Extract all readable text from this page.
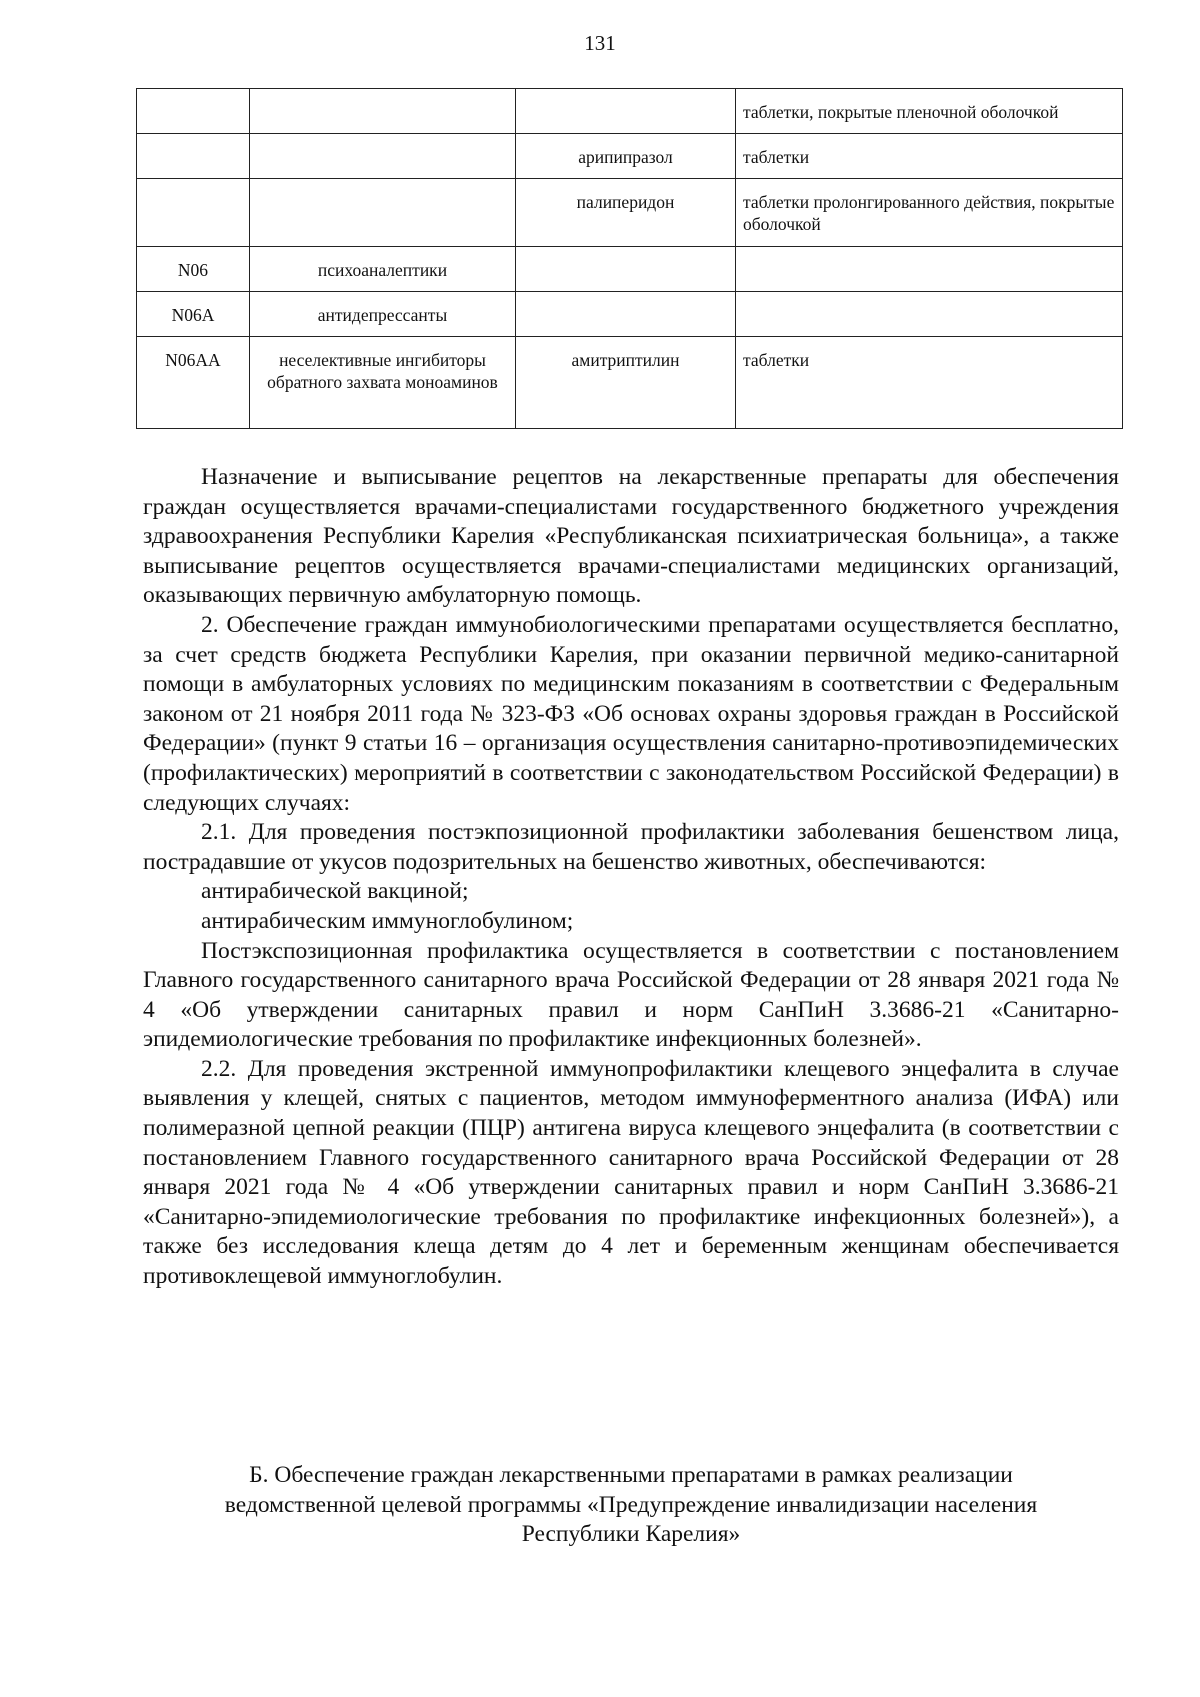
131

			таблетки, покрытые пленочной оболочкой

		арипипразол	таблетки

		палиперидон	таблетки пролонгированного действия, покрытые оболочкой

N06	психоаналептики		

N06A	антидепрессанты		

N06AA	неселективные ингибиторы обратного захвата моноаминов	амитриптилин	таблетки

Назначение и выписывание рецептов на лекарственные препараты для обеспечения граждан осуществляется врачами-специалистами государственного бюджетного учреждения здравоохранения Республики Карелия «Республиканская психиатрическая больница», а также выписывание рецептов осуществляется врачами-специалистами медицинских организаций, оказывающих первичную амбулаторную помощь.

2. Обеспечение граждан иммунобиологическими препаратами осуществляется бесплатно, за счет средств бюджета Республики Карелия, при оказании первичной медико-санитарной помощи в амбулаторных условиях по медицинским показаниям в соответствии с Федеральным законом от 21 ноября 2011 года № 323-ФЗ «Об основах охраны здоровья граждан в Российской Федерации» (пункт 9 статьи 16 – организация осуществления санитарно-противоэпидемических (профилактических) мероприятий в соответствии с законодательством Российской Федерации) в следующих случаях:

2.1. Для проведения постэкпозиционной профилактики заболевания бешенством лица, пострадавшие от укусов подозрительных на бешенство животных, обеспечиваются:

антирабической вакциной;

антирабическим иммуноглобулином;

Постэкспозиционная профилактика осуществляется в соответствии с постановлением Главного государственного санитарного врача Российской Федерации от 28 января 2021 года № 4 «Об утверждении санитарных правил и норм СанПиН 3.3686-21 «Санитарно-эпидемиологические требования по профилактике инфекционных болезней».

2.2. Для проведения экстренной иммунопрофилактики клещевого энцефалита в случае выявления у клещей, снятых с пациентов, методом иммуноферментного анализа (ИФА) или полимеразной цепной реакции (ПЦР) антигена вируса клещевого энцефалита (в соответствии с постановлением Главного государственного санитарного врача Российской Федерации от 28 января 2021 года № 4 «Об утверждении санитарных правил и норм СанПиН 3.3686-21 «Санитарно-эпидемиологические требования по профилактике инфекционных болезней»), а также без исследования клеща детям до 4 лет и беременным женщинам обеспечивается противоклещевой иммуноглобулин.

Б. Обеспечение граждан лекарственными препаратами в рамках реализации
ведомственной целевой программы «Предупреждение инвалидизации населения
Республики Карелия»
